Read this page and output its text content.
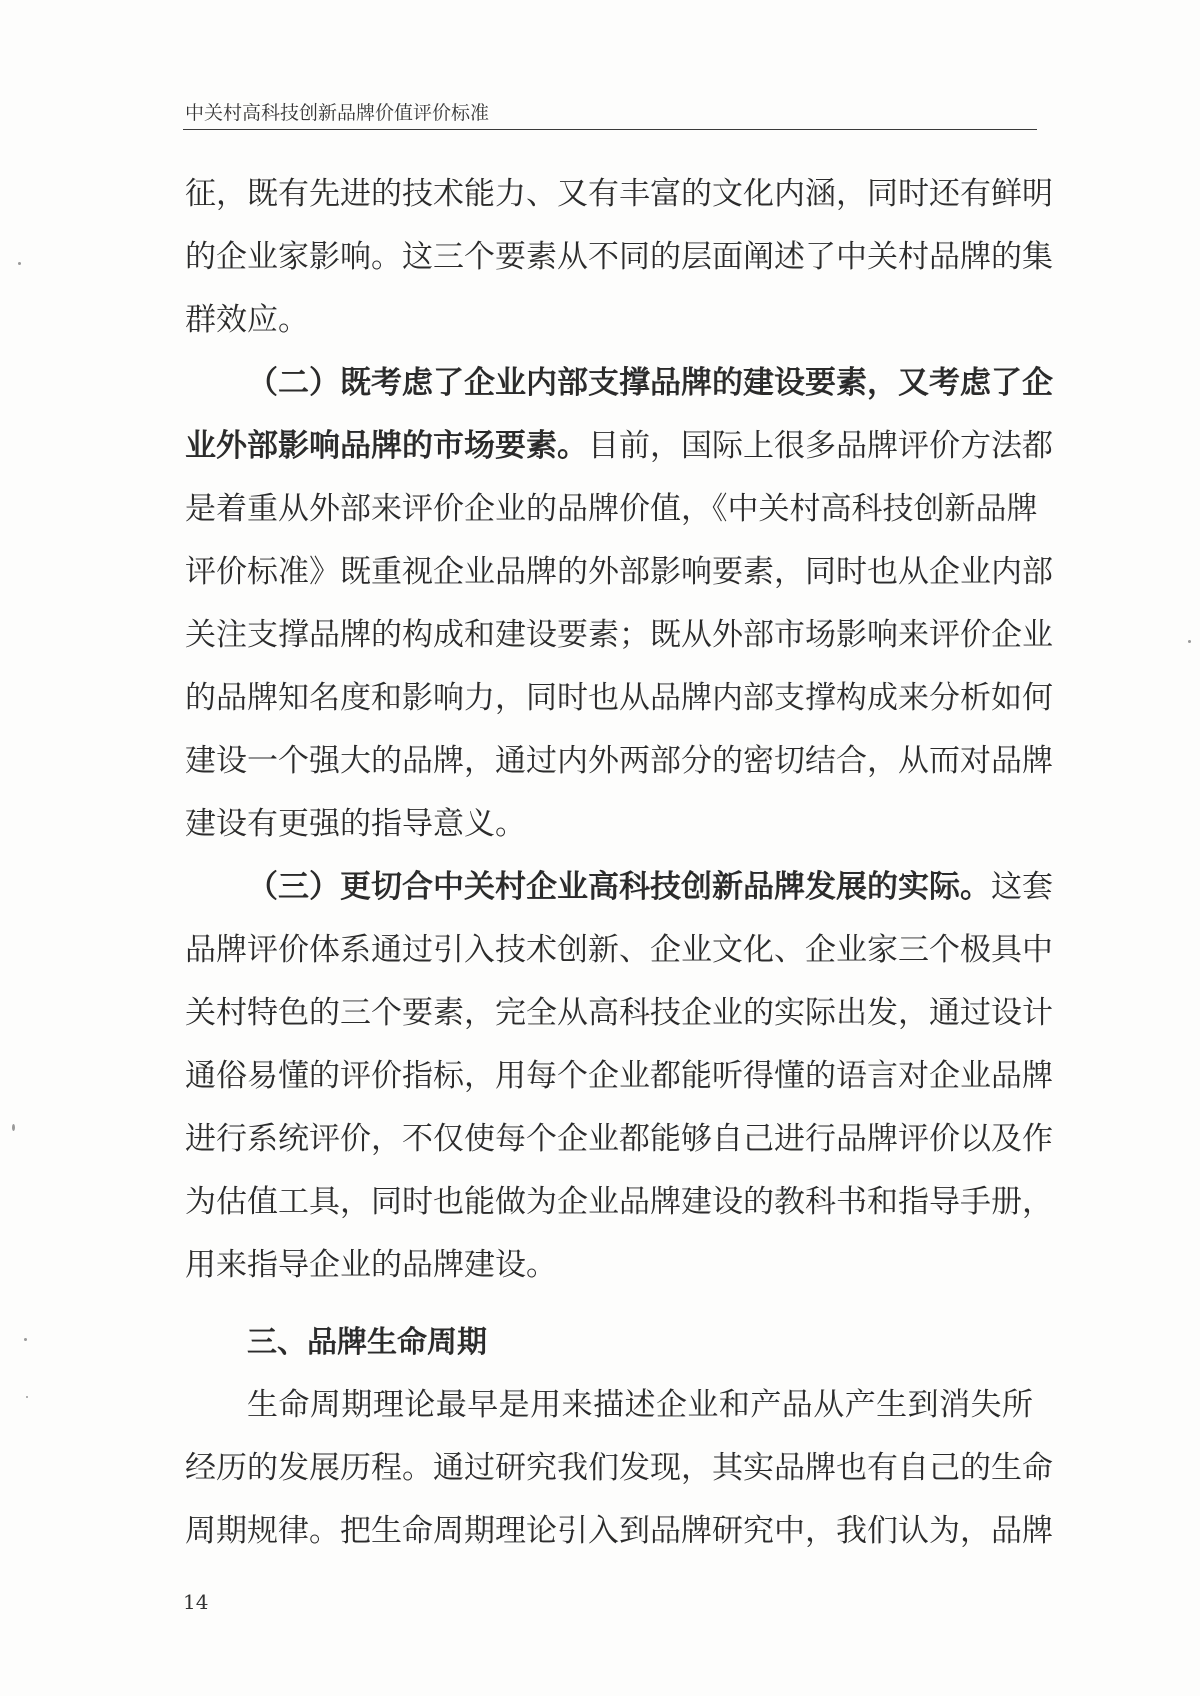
中关村高科技创新品牌价值评价标准
征，既有先进的技术能力、又有丰富的文化内涵，同时还有鲜明
的企业家影响。这三个要素从不同的层面阐述了中关村品牌的集
群效应。
（二）既考虑了企业内部支撑品牌的建设要素，又考虑了企
业外部影响品牌的市场要素。目前，国际上很多品牌评价方法都
是着重从外部来评价企业的品牌价值，《中关村高科技创新品牌
评价标准》既重视企业品牌的外部影响要素，同时也从企业内部
关注支撑品牌的构成和建设要素；既从外部市场影响来评价企业
的品牌知名度和影响力，同时也从品牌内部支撑构成来分析如何
建设一个强大的品牌，通过内外两部分的密切结合，从而对品牌
建设有更强的指导意义。
（三）更切合中关村企业高科技创新品牌发展的实际。这套
品牌评价体系通过引入技术创新、企业文化、企业家三个极具中
关村特色的三个要素，完全从高科技企业的实际出发，通过设计
通俗易懂的评价指标，用每个企业都能听得懂的语言对企业品牌
进行系统评价，不仅使每个企业都能够自己进行品牌评价以及作
为估值工具，同时也能做为企业品牌建设的教科书和指导手册，
用来指导企业的品牌建设。
三、品牌生命周期
生命周期理论最早是用来描述企业和产品从产生到消失所
经历的发展历程。通过研究我们发现，其实品牌也有自己的生命
周期规律。把生命周期理论引入到品牌研究中，我们认为，品牌
14
